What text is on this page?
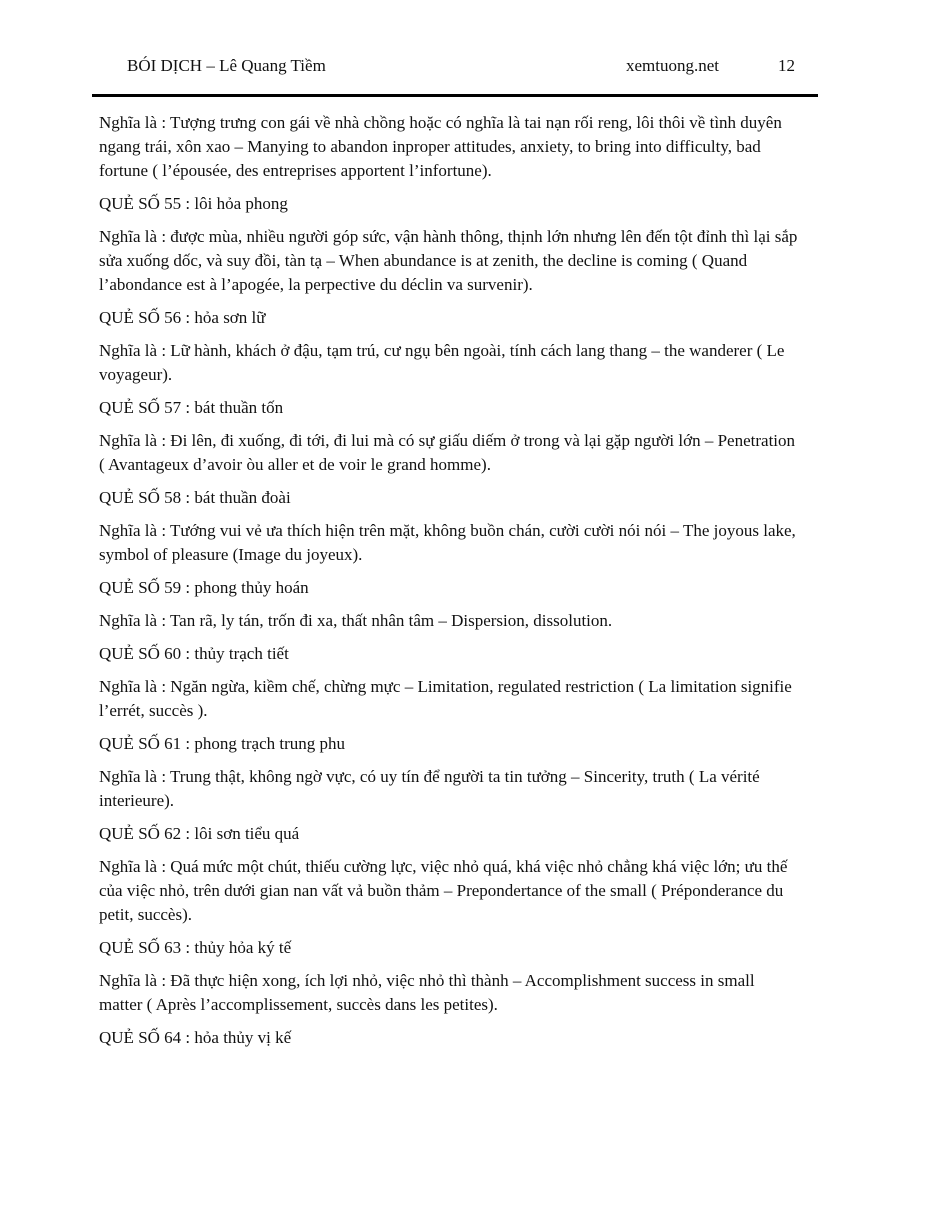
BÓI DỊCH – Lê Quang Tiềm	xemtuong.net	12

Nghĩa là : Tượng trưng con gái về nhà chồng hoặc có nghĩa là tai nạn rối reng, lôi thôi về tình duyên ngang trái, xôn xao – Manying to abandon inproper attitudes, anxiety, to bring into difficulty, bad fortune ( l’épousée, des entreprises apportent l’infortune).

QUẺ SỐ 55 : lôi hỏa phong

Nghĩa là : được mùa, nhiều người góp sức, vận hành thông, thịnh lớn nhưng lên đến tột đỉnh thì lại sắp sửa xuống dốc, và suy đồi, tàn tạ – When abundance is at zenith, the decline is coming ( Quand l’abondance est à l’apogée, la perpective du déclin va survenir).

QUẺ SỐ 56 : hỏa sơn lữ

Nghĩa là : Lữ hành, khách ở đậu, tạm trú, cư ngụ bên ngoài, tính cách lang thang – the wanderer ( Le voyageur).

QUẺ SỐ 57 : bát thuần tốn

Nghĩa là : Đi lên, đi xuống, đi tới, đi lui mà có sự giấu diếm ở trong và lại gặp người lớn – Penetration ( Avantageux d’avoir òu aller et de voir le grand homme).

QUẺ SỐ 58 : bát thuần đoài

Nghĩa là : Tướng vui vẻ ưa thích hiện trên mặt, không buồn chán, cười cười nói nói – The joyous lake, symbol of pleasure (Image du joyeux).

QUẺ SỐ 59 : phong thủy hoán

Nghĩa là : Tan rã, ly tán, trốn đi xa, thất nhân tâm – Dispersion, dissolution.

QUẺ SỐ 60 : thủy trạch tiết

Nghĩa là : Ngăn ngừa, kiềm chế, chừng mực – Limitation, regulated restriction ( La limitation signifie l’errét, succès ).

QUẺ SỐ 61 : phong trạch trung phu

Nghĩa là : Trung thật, không ngờ vực, có uy tín để người ta tin tưởng – Sincerity, truth ( La vérité interieure).

QUẺ SỐ 62 : lôi sơn tiểu quá

Nghĩa là : Quá mức một chút, thiếu cường lực, việc nhỏ quá, khá việc nhỏ chẳng khá việc lớn; ưu thế của việc nhỏ, trên dưới gian nan vất vả buồn thảm – Prepondertance of the small ( Préponderance du petit, succès).

QUẺ SỐ 63 : thủy hỏa ký tế

Nghĩa là : Đã thực hiện xong, ích lợi nhỏ, việc nhỏ thì thành – Accomplishment success in small matter ( Après l’accomplissement, succès dans les petites).

QUẺ SỐ 64 : hỏa thủy vị kế
